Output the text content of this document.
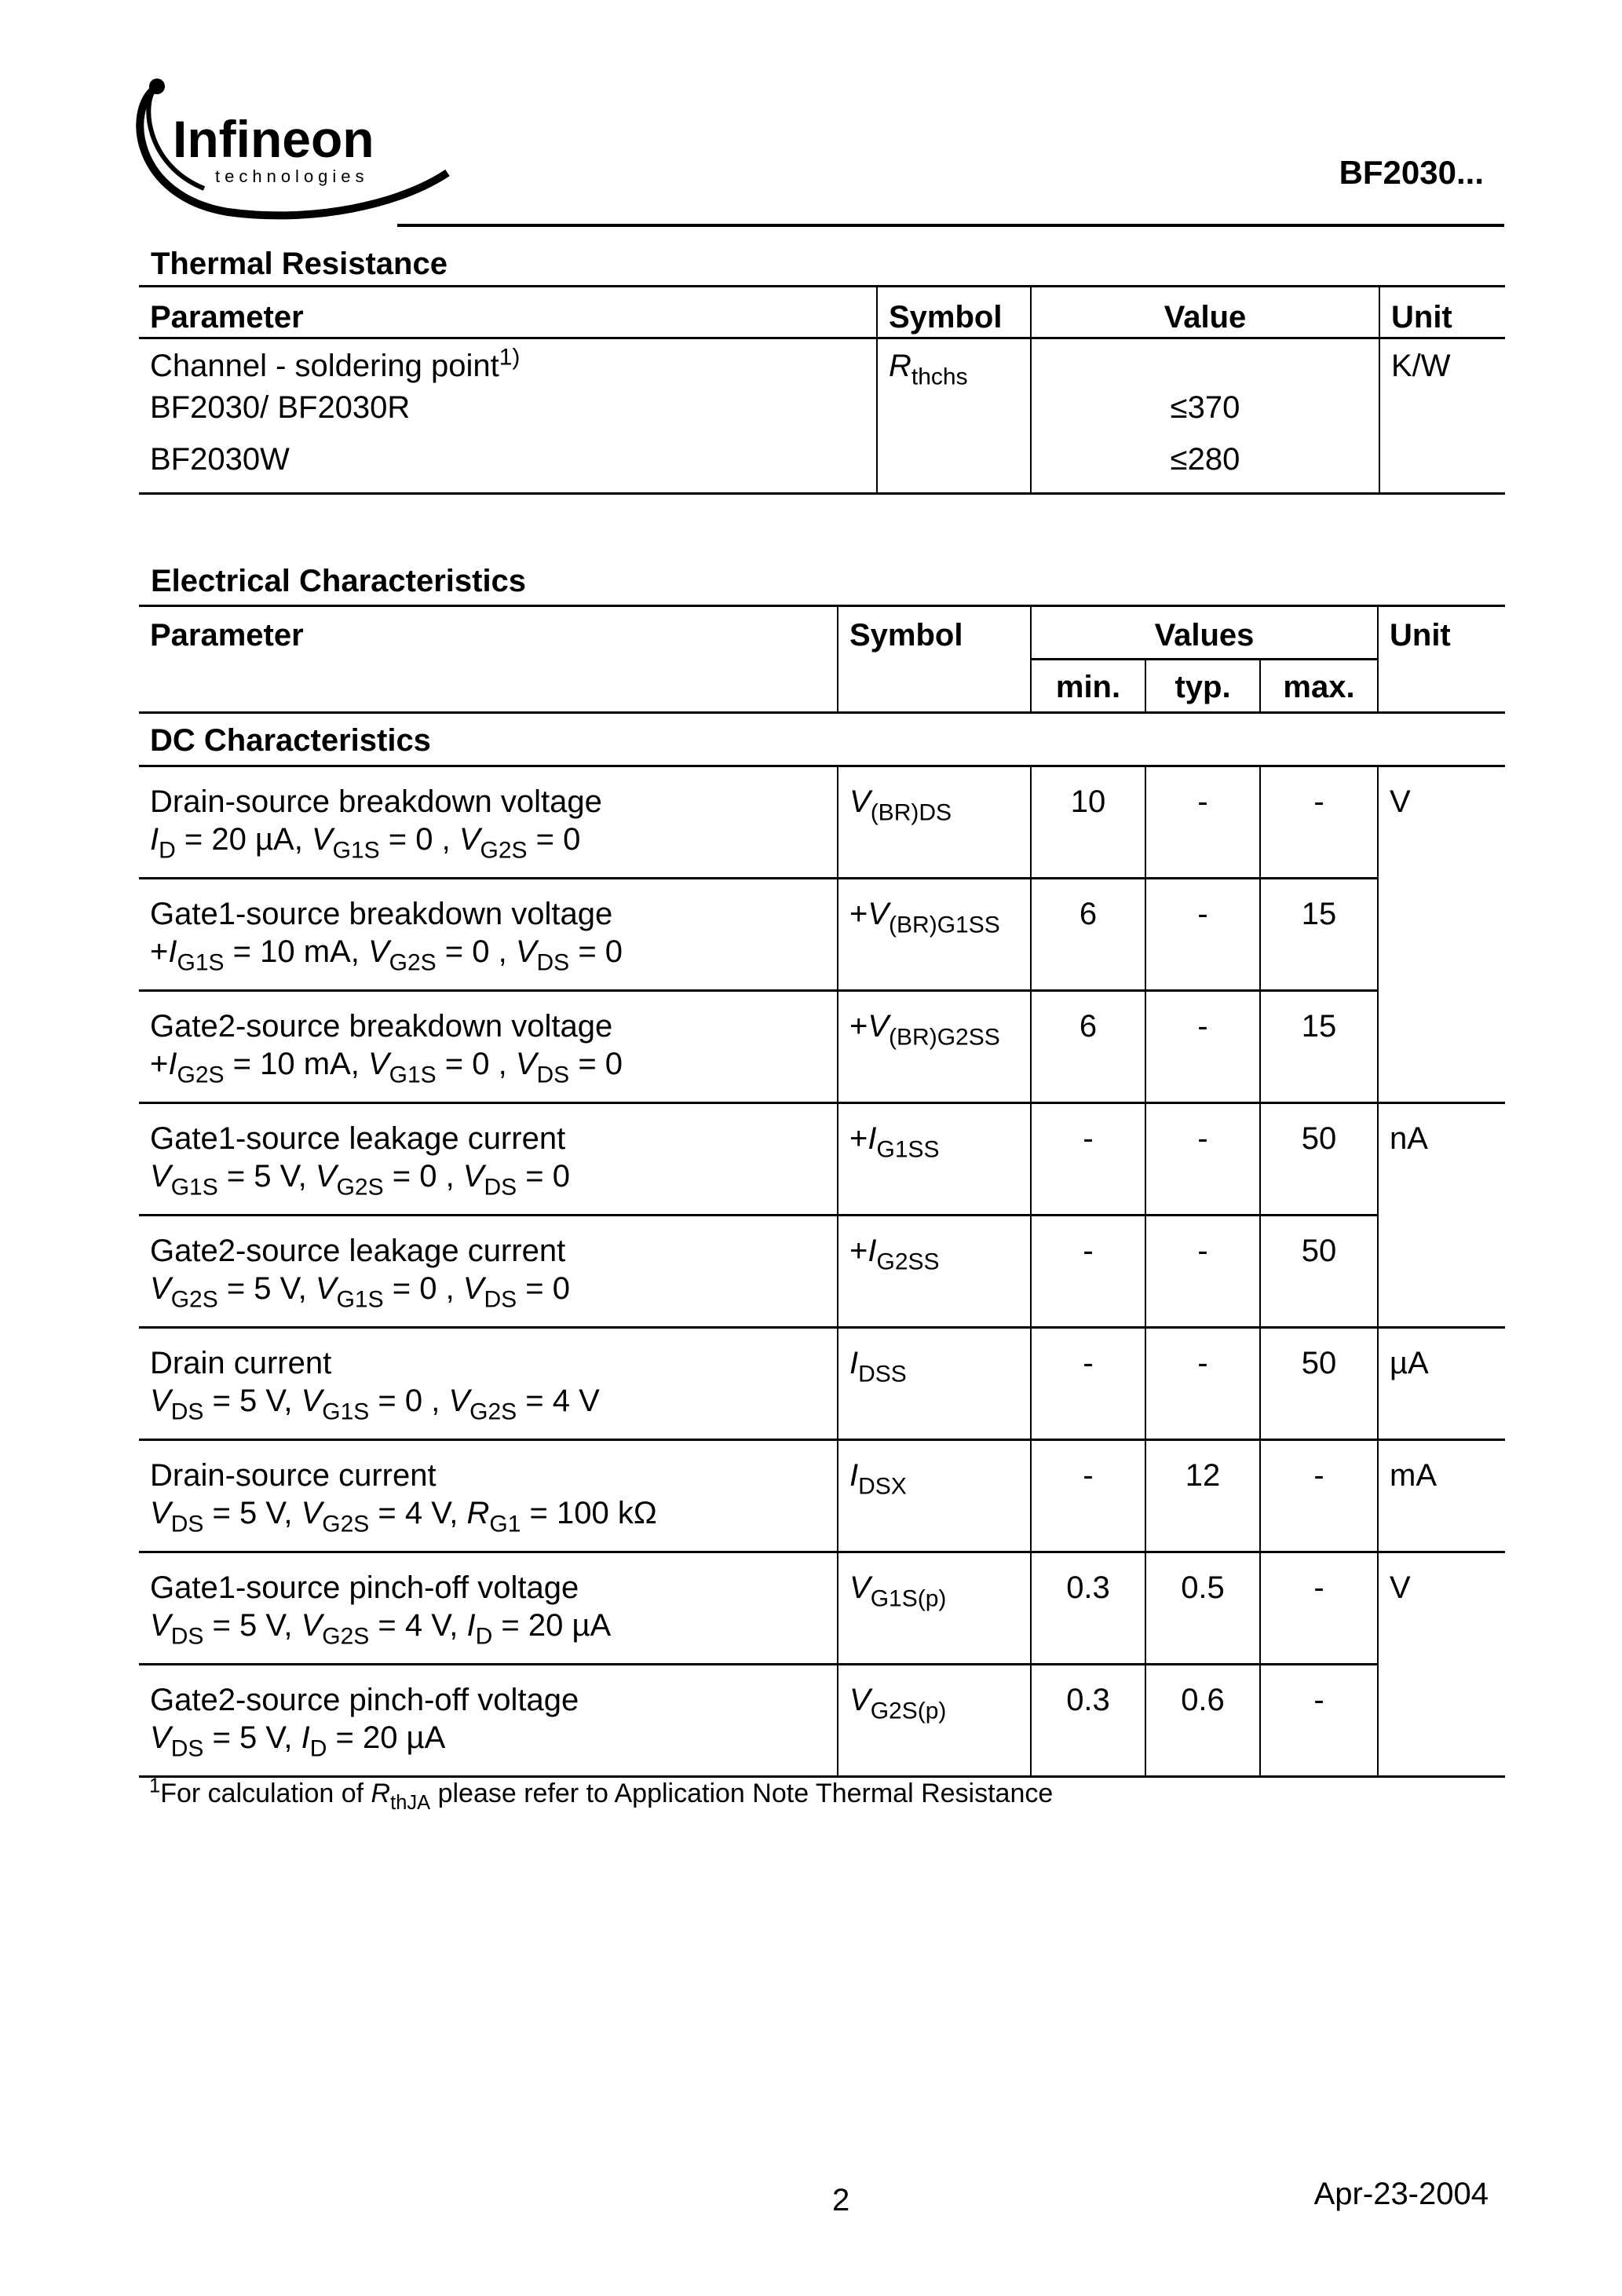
Infineon
technologies	BF2030...
Thermal Resistance
Parameter	Symbol	Value	Unit
Channel - soldering point$^{1)}$	$R_{thchs}$		K/W
BF2030/ BF2030R		≤370	
BF2030W		≤280	
Electrical Characteristics
Parameter	Symbol	Values			Unit
		min.	typ.	max.	
DC Characteristics					
Drain-source breakdown voltage	$V_{(BR)DS}$	10	-	-	V
$I_D = 20$ µA, $V_{G1S} = 0$ , $V_{G2S} = 0$					
Gate1-source breakdown voltage	$+V_{(BR)G1SS}$	6	-	15	
$+I_{G1S} = 10$ mA, $V_{G2S} = 0$ , $V_{DS} = 0$					
Gate2-source breakdown voltage	$+V_{(BR)G2SS}$	6	-	15	
$+I_{G2S} = 10$ mA, $V_{G1S} = 0$ , $V_{DS} = 0$					
Gate1-source leakage current	$+I_{G1SS}$	-	-	50	nA
$V_{G1S} = 5$ V, $V_{G2S} = 0$ , $V_{DS} = 0$					
Gate2-source leakage current	$+I_{G2SS}$	-	-	50	
$V_{G2S} = 5$ V, $V_{G1S} = 0$ , $V_{DS} = 0$					
Drain current	$I_{DSS}$	-	-	50	µA
$V_{DS} = 5$ V, $V_{G1S} = 0$ , $V_{G2S} = 4$ V					
Drain-source current	$I_{DSX}$	-	12	-	mA
$V_{DS} = 5$ V, $V_{G2S} = 4$ V, $R_{G1} = 100$ kΩ					
Gate1-source pinch-off voltage	$V_{G1S(p)}$	0.3	0.5	-	V
$V_{DS} = 5$ V, $V_{G2S} = 4$ V, $I_D = 20$ µA					
Gate2-source pinch-off voltage	$V_{G2S(p)}$	0.3	0.6	-	
$V_{DS} = 5$ V, $I_D = 20$ µA					
$^1$For calculation of $R_{thJA}$ please refer to Application Note Thermal Resistance
2	Apr-23-2004
